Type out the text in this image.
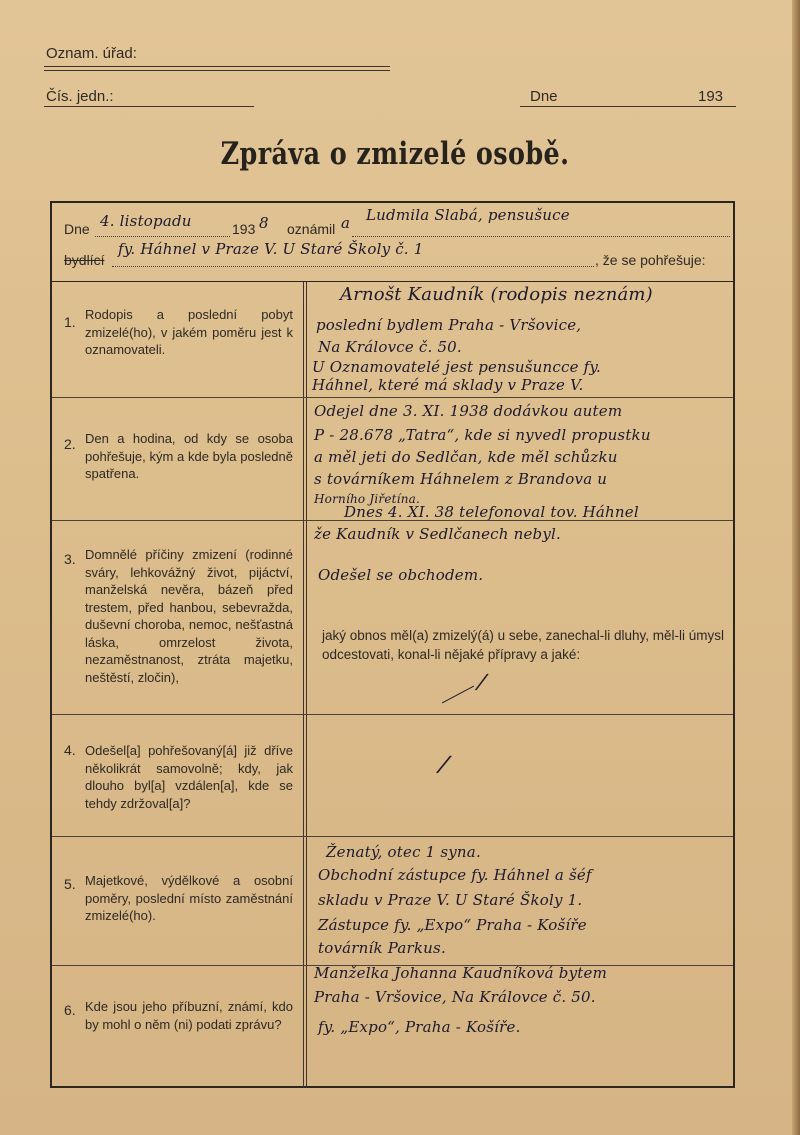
Oznam. úřad:
Čís. jedn.:	Dne	193
Zpráva o zmizelé osobě.
Dne 4. listopadu	193 8 oznámil a Ludmila Slabá, pensušuce
bydlící
fy. Háhnel v Praze V. U Staré Školy č. 1
, že se pohřešuje:
1. Rodopis a poslední pobyt zmizelé(ho), v jakém poměru jest k oznamovateli.
Arnošt Kaudník (rodopis neznám)
poslední bydlem Praha - Vršovice,
Na Královce č. 50.
U Oznamovatelé jest pensušuncce fy.
Háhnel, které má sklady v Praze V.
2. Den a hodina, od kdy se osoba pohřešuje, kým a kde byla posledně spatřena.
Odejel dne 3. XI. 1938 dodávkou autem
P - 28.678 „Tatra“, kde si nyvedl propustku
a měl jeti do Sedlčan, kde měl schůzku
s továrníkem Háhnelem z Brandova u
Horního Jiřetína.
Dnes 4. XI. 38 telefonoval tov. Háhnel
že Kaudník v Sedlčanech nebyl.
3. Domnělé příčiny zmizení (rodinné sváry, lehkovážný život, pijáctví, manželská nevěra, bázeň před trestem, před hanbou, sebevražda, duševní choroba, nemoc, nešťastná láska, omrzelost života, nezaměstnanost, ztráta majetku, neštěstí, zločin),
Odešel se obchodem.
jaký obnos měl(a) zmizelý(á) u sebe, zanechal-li dluhy, měl-li úmysl odcestovati, konal-li nějaké přípravy a jaké:
/
4. Odešel[a] pohřešovaný[á] již dříve několikrát samovolně; kdy, jak dlouho byl[a] vzdálen[a], kde se tehdy zdržoval[a]?
/
5. Majetkové, výdělkové a osobní poměry, poslední místo zaměstnání zmizelé(ho).
Ženatý, otec 1 syna.
Obchodní zástupce fy. Háhnel a šéf
skladu v Praze V. U Staré Školy 1.
Zástupce fy. „Expo“ Praha - Košíře
továrník Parkus.
6. Kde jsou jeho příbuzní, známí, kdo by mohl o něm (ni) podati zprávu?
Manželka Johanna Kaudníková bytem
Praha - Vršovice, Na Královce č. 50.
fy. „Expo“, Praha - Košíře.
